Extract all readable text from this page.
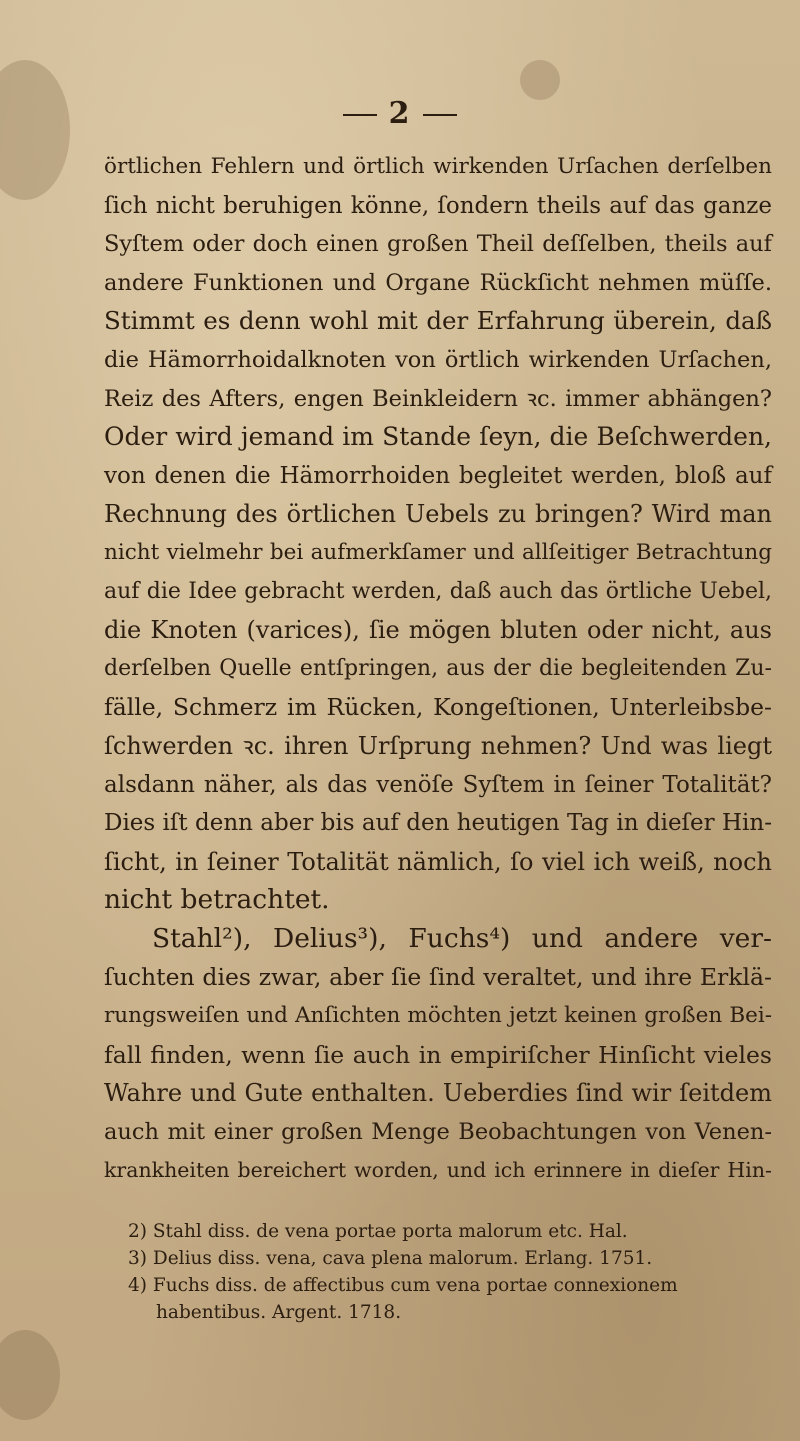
2
örtlichen Fehlern und örtlich wirkenden Urſachen derſelben
ſich nicht beruhigen könne, ſondern theils auf das ganze
Syſtem oder doch einen großen Theil deſſelben, theils auf
andere Funktionen und Organe Rückſicht nehmen müſſe.
Stimmt es denn wohl mit der Erfahrung überein, daß
die Hämorrhoidalknoten von örtlich wirkenden Urſachen,
Reiz des Afters, engen Beinkleidern ꝛc. immer abhängen?
Oder wird jemand im Stande ſeyn, die Beſchwerden,
von denen die Hämorrhoiden begleitet werden, bloß auf
Rechnung des örtlichen Uebels zu bringen? Wird man
nicht vielmehr bei aufmerkſamer und allſeitiger Betrachtung
auf die Idee gebracht werden, daß auch das örtliche Uebel,
die Knoten (varices), ſie mögen bluten oder nicht, aus
derſelben Quelle entſpringen, aus der die begleitenden Zu-
fälle, Schmerz im Rücken, Kongeſtionen, Unterleibsbe-
ſchwerden ꝛc. ihren Urſprung nehmen? Und was liegt
alsdann näher, als das venöſe Syſtem in ſeiner Totalität?
Dies iſt denn aber bis auf den heutigen Tag in dieſer Hin-
ſicht, in ſeiner Totalität nämlich, ſo viel ich weiß, noch
nicht betrachtet.
Stahl²), Delius³), Fuchs⁴) und andere ver-
ſuchten dies zwar, aber ſie ſind veraltet, und ihre Erklä-
rungsweiſen und Anſichten möchten jetzt keinen großen Bei-
fall finden, wenn ſie auch in empiriſcher Hinſicht vieles
Wahre und Gute enthalten. Ueberdies ſind wir ſeitdem
auch mit einer großen Menge Beobachtungen von Venen-
krankheiten bereichert worden, und ich erinnere in dieſer Hin-
2) Stahl diss. de vena portae porta malorum etc. Hal.
3) Delius diss. vena, cava plena malorum. Erlang. 1751.
4) Fuchs diss. de affectibus cum vena portae connexionem
habentibus. Argent. 1718.
